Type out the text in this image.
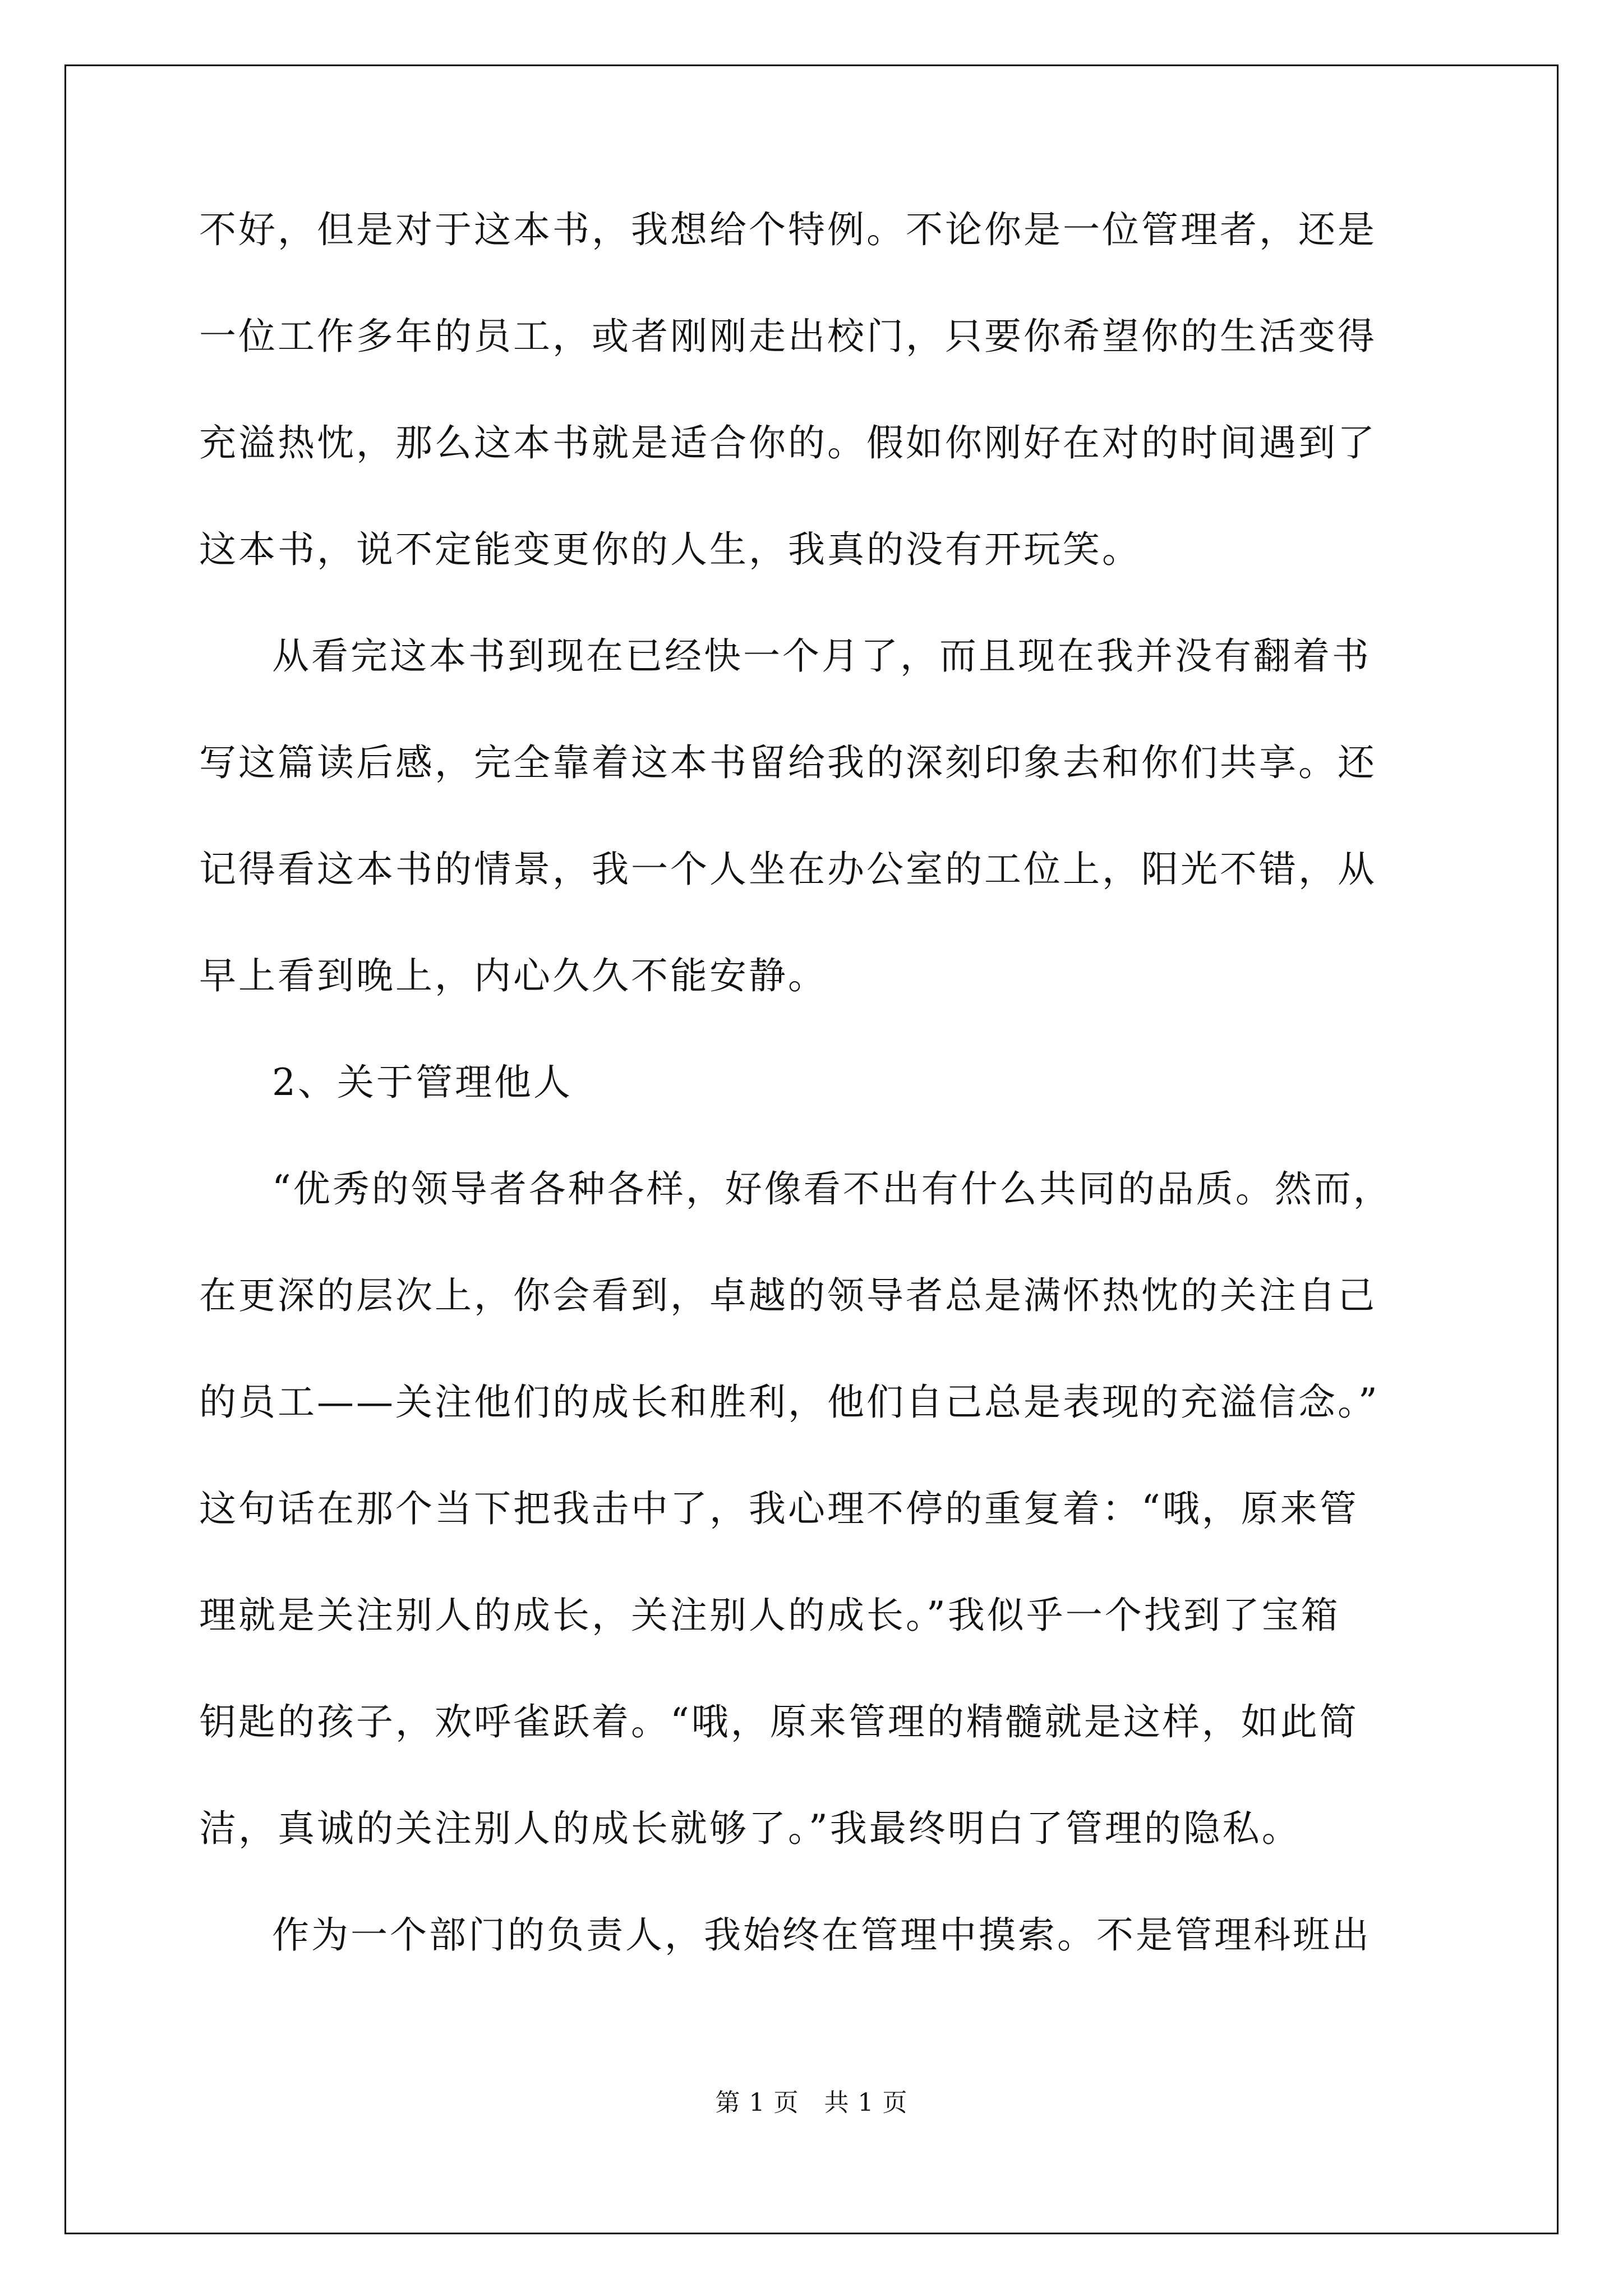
不好，但是对于这本书，我想给个特例。不论你是一位管理者，还是
一位工作多年的员工，或者刚刚走出校门，只要你希望你的生活变得
充溢热忱，那么这本书就是适合你的。假如你刚好在对的时间遇到了
这本书，说不定能变更你的人生，我真的没有开玩笑。
从看完这本书到现在已经快一个月了，而且现在我并没有翻着书
写这篇读后感，完全靠着这本书留给我的深刻印象去和你们共享。还
记得看这本书的情景，我一个人坐在办公室的工位上，阳光不错，从
早上看到晚上，内心久久不能安静。
2、关于管理他人
“优秀的领导者各种各样，好像看不出有什么共同的品质。然而，
在更深的层次上，你会看到，卓越的领导者总是满怀热忱的关注自己
的员工——关注他们的成长和胜利，他们自己总是表现的充溢信念。”
这句话在那个当下把我击中了，我心理不停的重复着：“哦，原来管
理就是关注别人的成长，关注别人的成长。”我似乎一个找到了宝箱
钥匙的孩子，欢呼雀跃着。“哦，原来管理的精髓就是这样，如此简
洁，真诚的关注别人的成长就够了。”我最终明白了管理的隐私。
作为一个部门的负责人，我始终在管理中摸索。不是管理科班出
第 1 页　共 1 页
